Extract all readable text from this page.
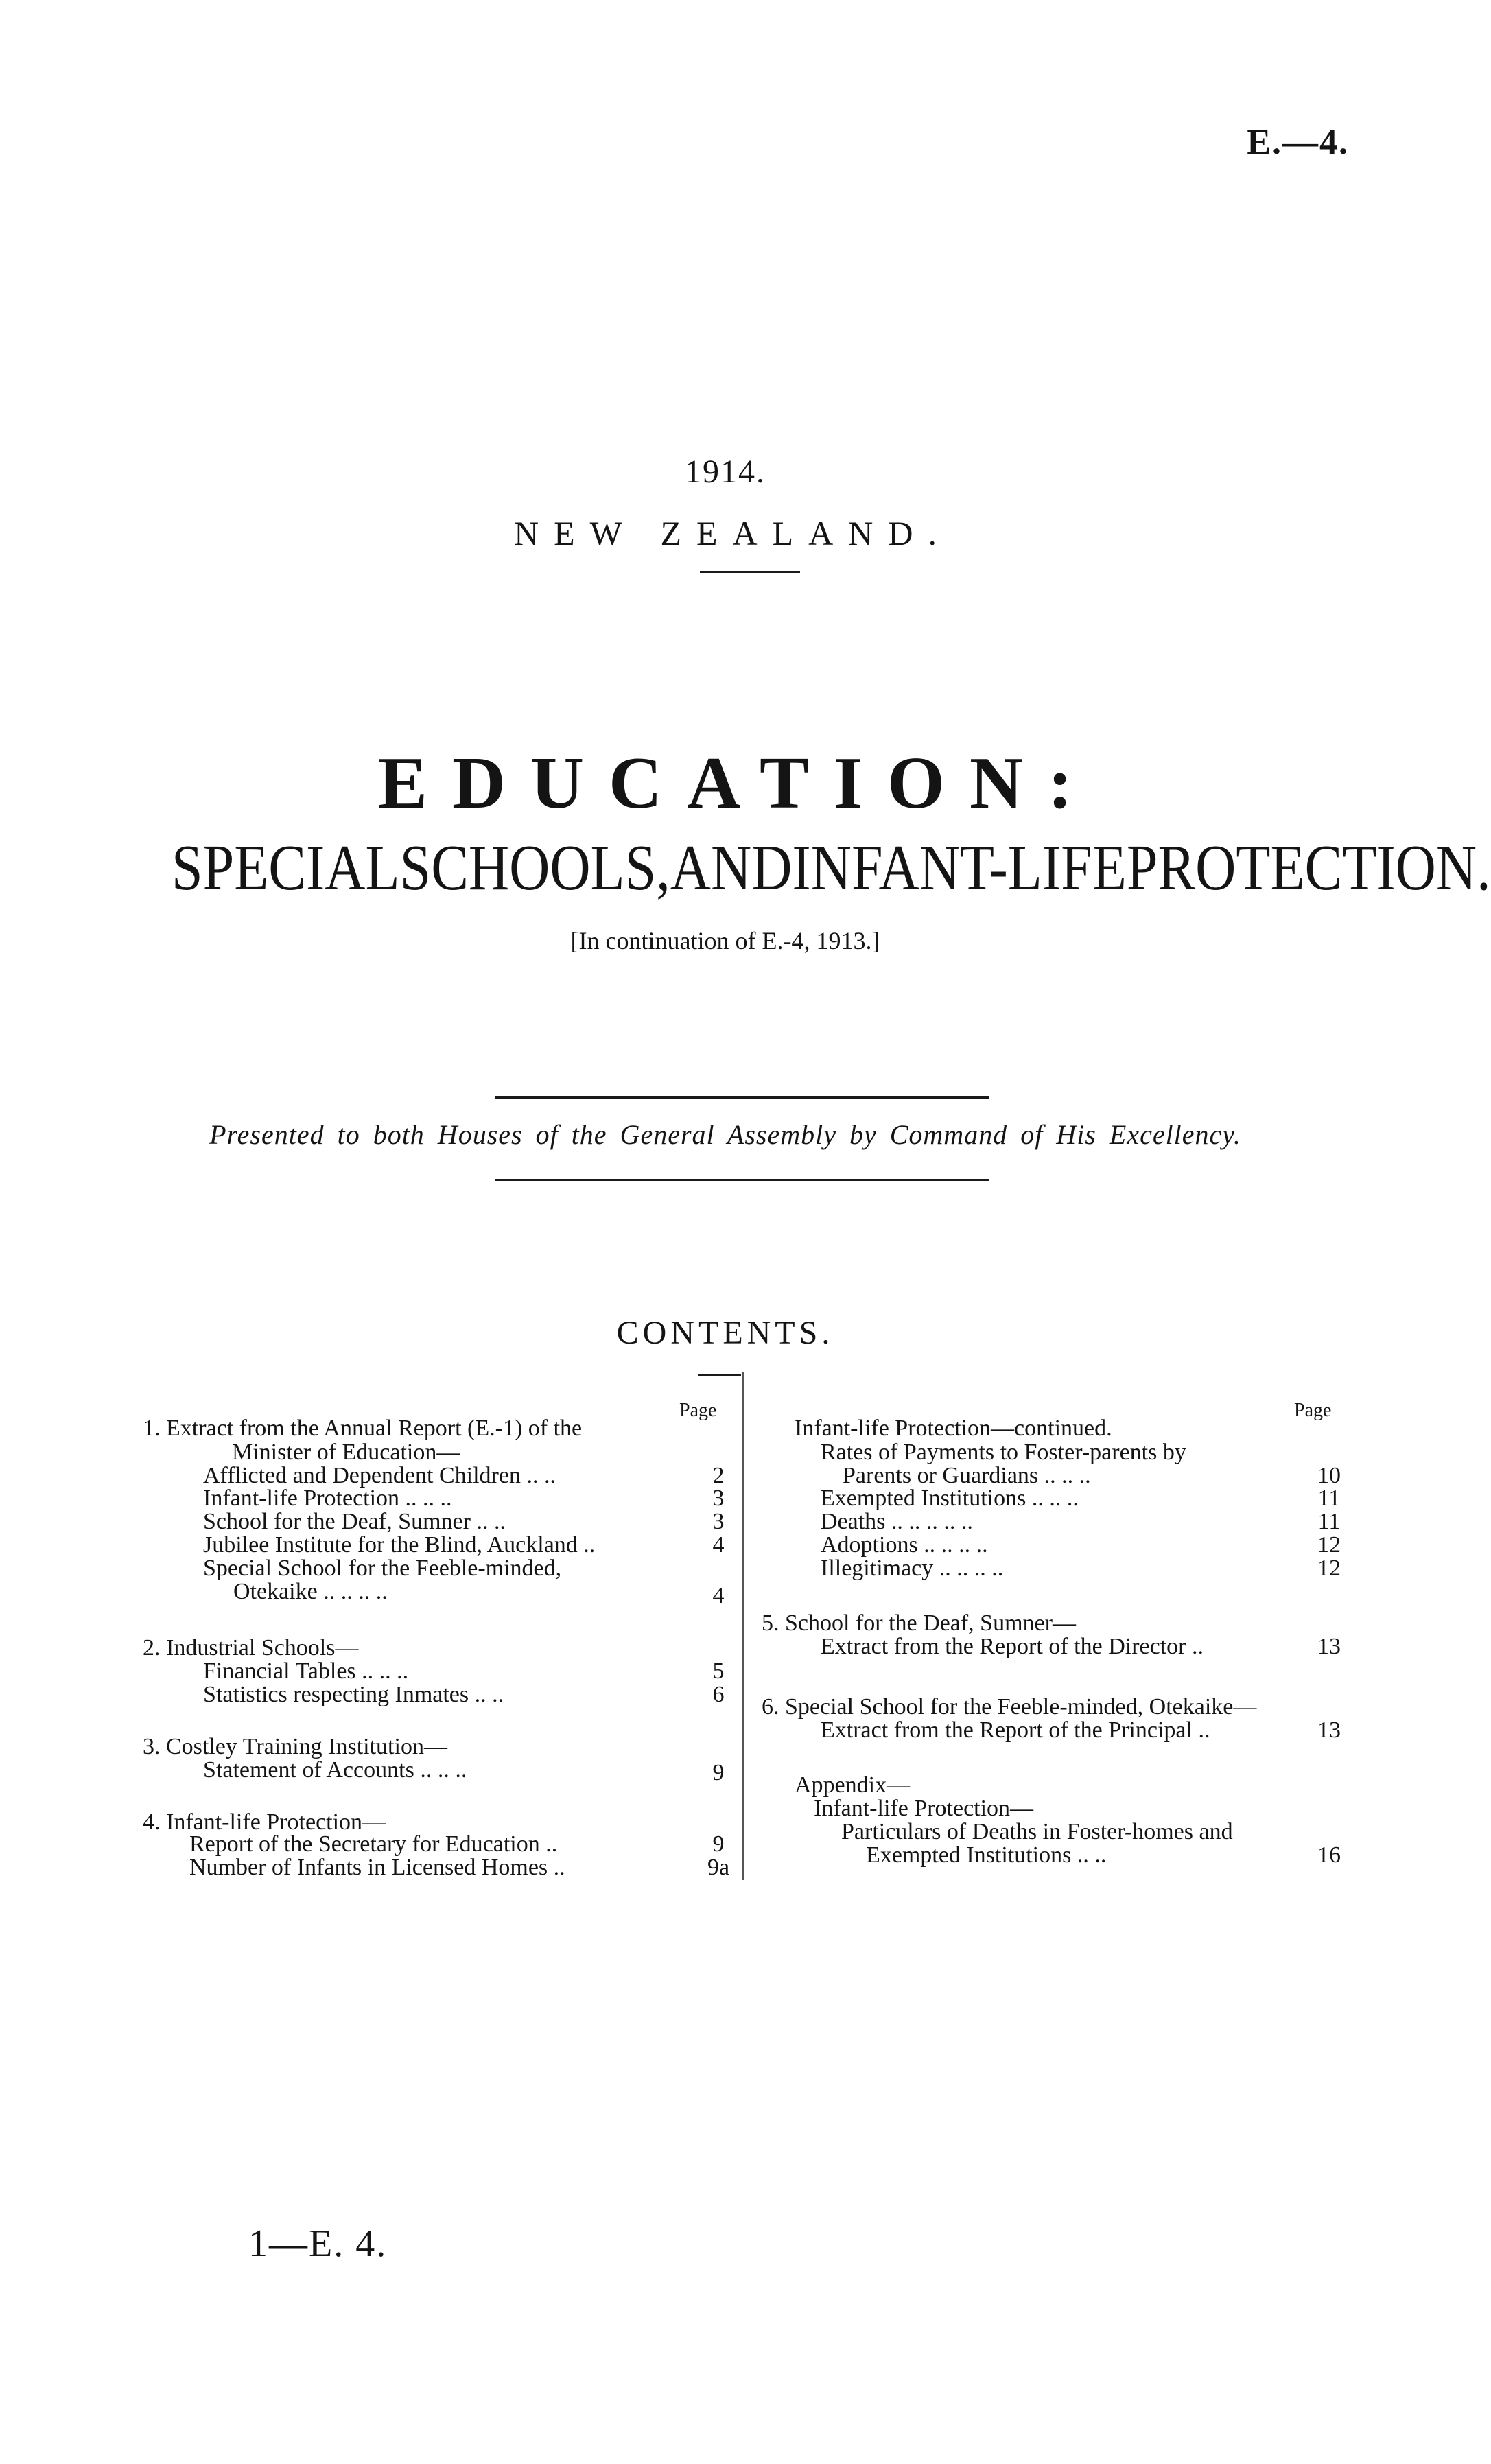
E.—4.
1914.
NEW ZEALAND.
EDUCATION:
SPECIAL SCHOOLS, AND INFANT-LIFE PROTECTION.
[In continuation of E.-4, 1913.]
Presented to both Houses of the General Assembly by Command of His Excellency.
CONTENTS.
Page
1. Extract from the Annual Report (E.-1) of the
Minister of Education—
Afflicted and Dependent Children .. ..	2
Infant-life Protection .. .. ..	3
School for the Deaf, Sumner .. ..	3
Jubilee Institute for the Blind, Auckland ..	4
Special School for the Feeble-minded,
Otekaike .. .. .. ..	4
2. Industrial Schools—
Financial Tables .. .. ..	5
Statistics respecting Inmates .. ..	6
3. Costley Training Institution—
Statement of Accounts .. .. ..	9
4. Infant-life Protection—
Report of the Secretary for Education ..	9
Number of Infants in Licensed Homes ..	9a
Page
Infant-life Protection—continued.
Rates of Payments to Foster-parents by
Parents or Guardians .. .. ..	10
Exempted Institutions .. .. ..	11
Deaths .. .. .. .. ..	11
Adoptions .. .. .. ..	12
Illegitimacy .. .. .. ..	12
5. School for the Deaf, Sumner—
Extract from the Report of the Director ..	13
6. Special School for the Feeble-minded, Otekaike—
Extract from the Report of the Principal ..	13
Appendix—
Infant-life Protection—
Particulars of Deaths in Foster-homes and
Exempted Institutions .. ..	16
1—E. 4.
